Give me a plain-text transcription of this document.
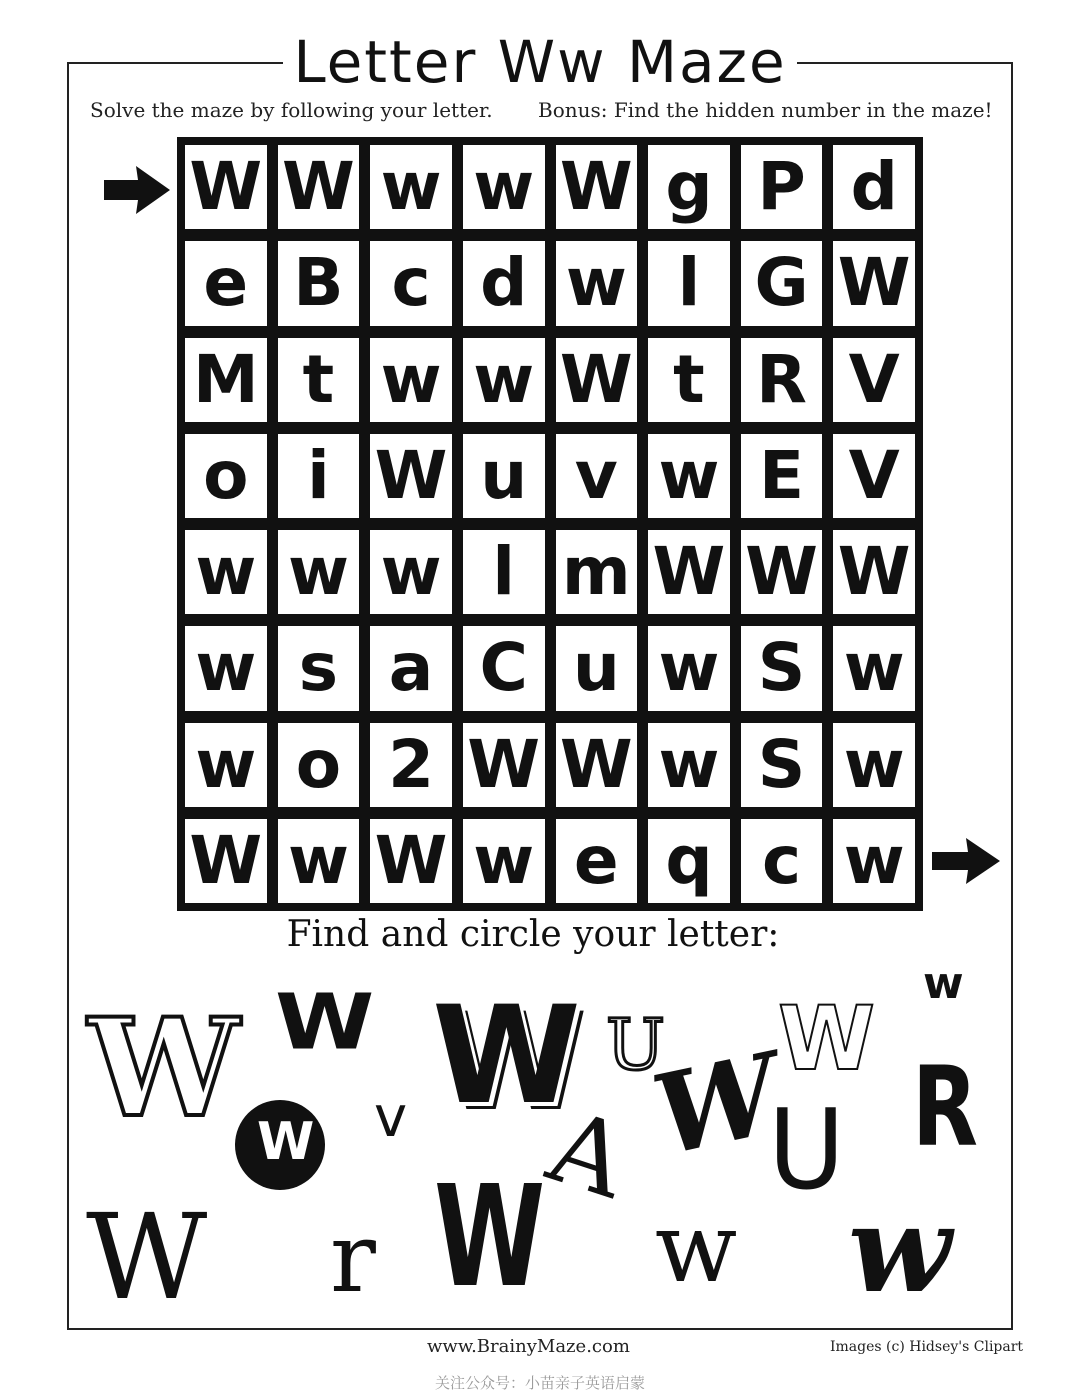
Letter Ww Maze
Solve the maze by following your letter. Bonus: Find the hidden number in the maze!
W W w w W g P d
e B c d w l G W
M t w w W t R V
o i W u v w E V
w w w l m W W W
w s a C u w S w
w o 2 W W w S w
W w W w e q c w
Find and circle your letter:
W W W U W
w
W v W
A
w
U R
W r W	w
www.BrainyMaze.com	Images (c) Hidsey's Clipart
关注公众号：小苗亲子英语启蒙
